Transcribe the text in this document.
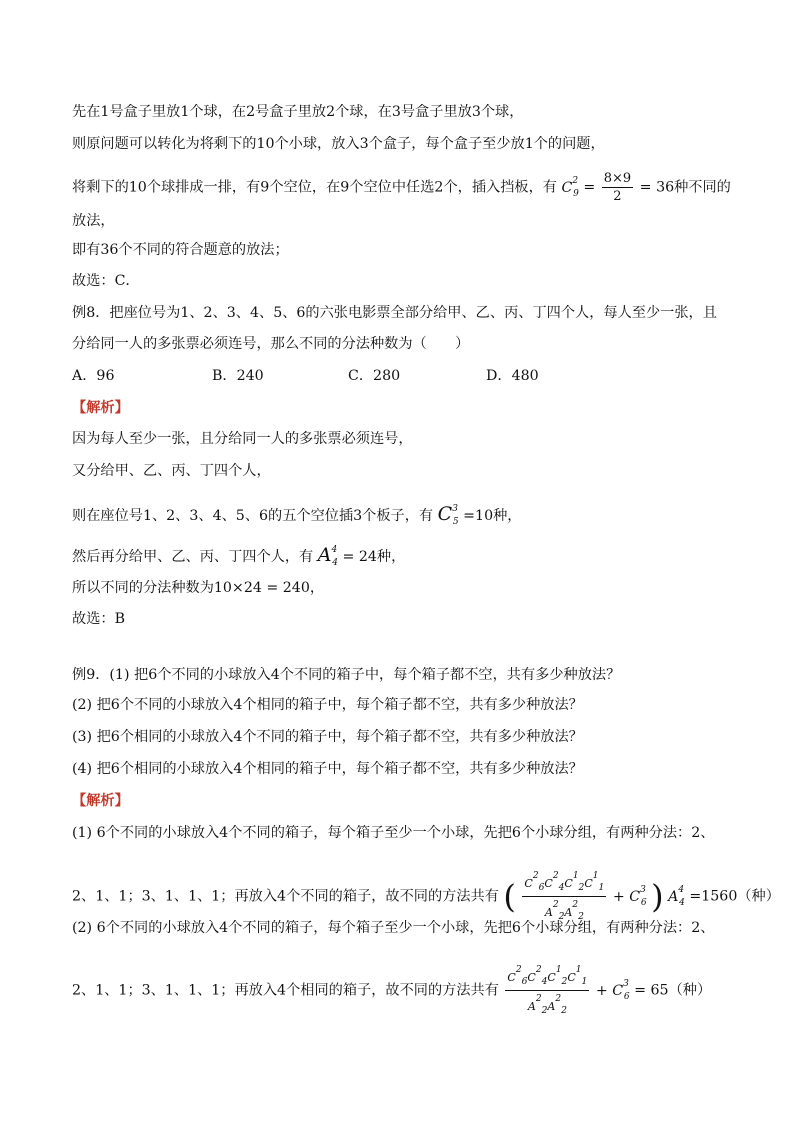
先在1号盒子里放1个球，在2号盒子里放2个球，在3号盒子里放3个球，
则原问题可以转化为将剩下的10个小球，放入3个盒子，每个盒子至少放1个的问题，
将剩下的10个球排成一排，有9个空位，在9个空位中任选2个，插入挡板，有 $C^2_9 = \frac{8\times 9}{2} = 36$种不同的
放法，
即有36个不同的符合题意的放法；
故选：C．
例8．把座位号为1、2、3、4、5、6的六张电影票全部分给甲、乙、丙、丁四个人，每人至少一张，且
分给同一人的多张票必须连号，那么不同的分法种数为（　　）
A．96	B．240	C．280	D．480
【解析】
因为每人至少一张，且分给同一人的多张票必须连号，
又分给甲、乙、丙、丁四个人，
则在座位号1、2、3、4、5、6的五个空位插3个板子，有 $C^3_5 =10$种，
然后再分给甲、乙、丙、丁四个人，有 $A^4_4 = 24$种，
所以不同的分法种数为10×24 = 240，
故选：B
例9．(1) 把6个不同的小球放入4个不同的箱子中，每个箱子都不空，共有多少种放法？
(2) 把6个不同的小球放入4个相同的箱子中，每个箱子都不空，共有多少种放法？
(3) 把6个相同的小球放入4个不同的箱子中，每个箱子都不空，共有多少种放法？
(4) 把6个相同的小球放入4个相同的箱子中，每个箱子都不空，共有多少种放法？
【解析】
(1) 6个不同的小球放入4个不同的箱子，每个箱子至少一个小球，先把6个小球分组，有两种分法：2、
2、1、1；3、1、1、1；再放入4个不同的箱子，故不同的方法共有 ( $\frac{C^2_6C^2_4C^1_2C^1_1}{A^2_2A^2_2} + C^3_6$ ) $A^4_4 =1560$（种）
(2) 6个不同的小球放入4个不同的箱子，每个箱子至少一个小球，先把6个小球分组，有两种分法：2、
2、1、1；3、1、1、1；再放入4个相同的箱子，故不同的方法共有 $\frac{C^2_6C^2_4C^1_2C^1_1}{A^2_2A^2_2} + C^3_6 = 65$（种）
